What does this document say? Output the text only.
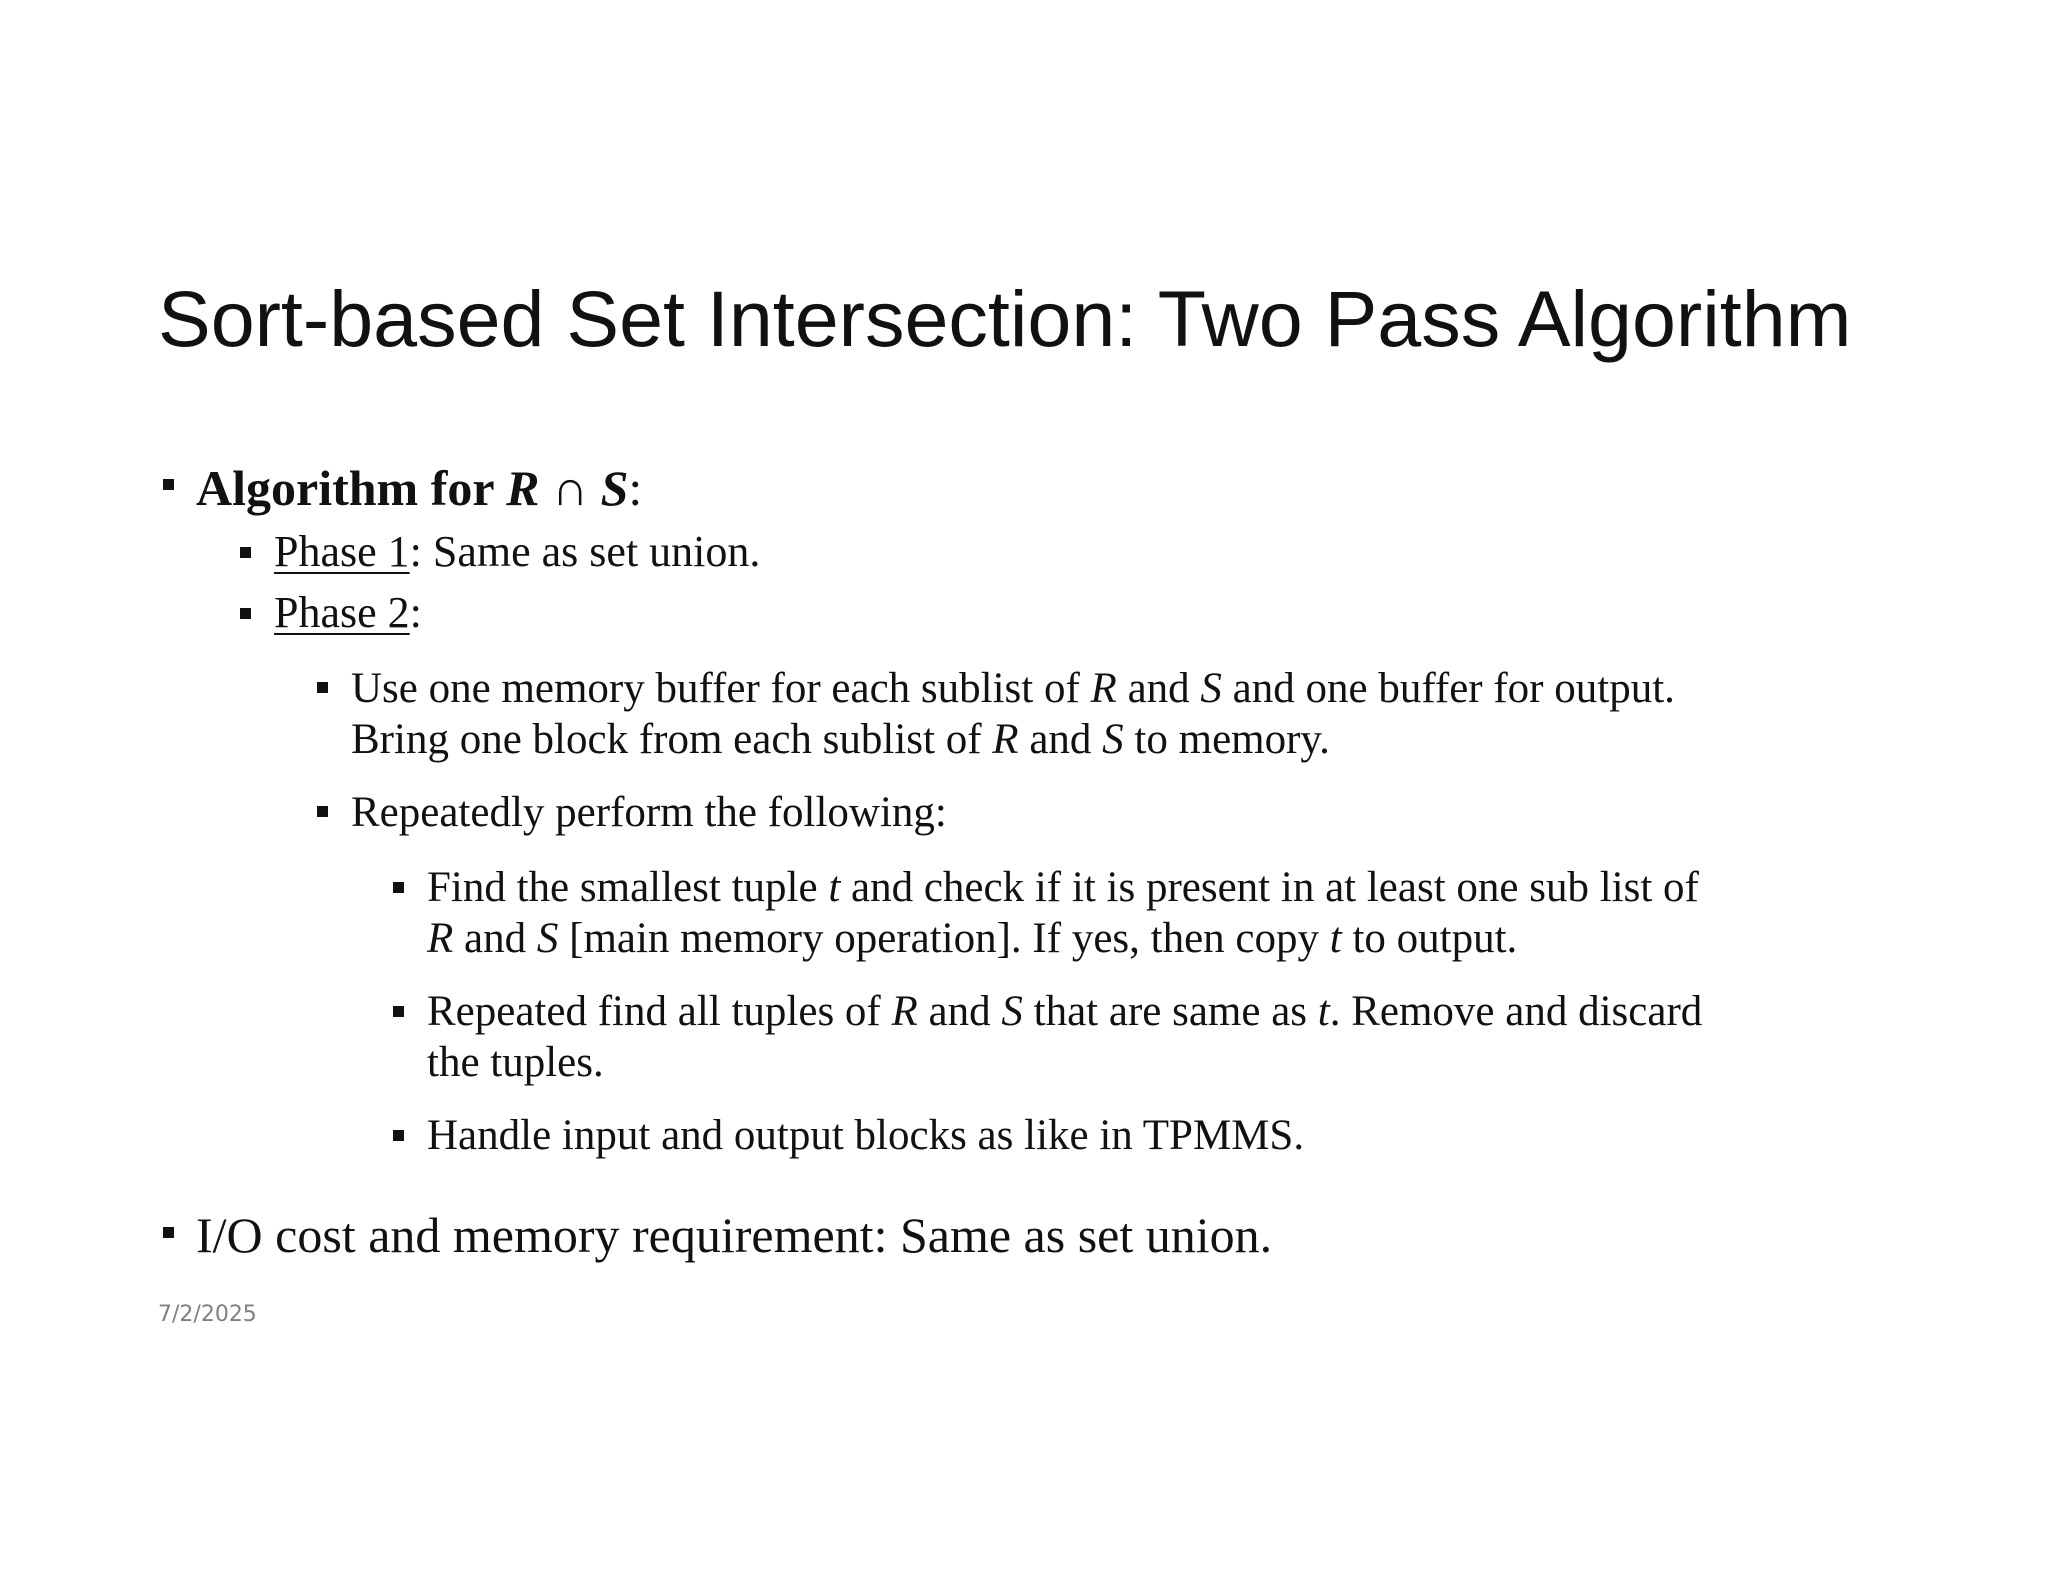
Sort-based Set Intersection: Two Pass Algorithm
Algorithm for R ∩ S:
Phase 1: Same as set union.
Phase 2:
Use one memory buffer for each sublist of R and S and one buffer for output.
Bring one block from each sublist of R and S to memory.
Repeatedly perform the following:
Find the smallest tuple t and check if it is present in at least one sub list of
R and S [main memory operation]. If yes, then copy t to output.
Repeated find all tuples of R and S that are same as t. Remove and discard
the tuples.
Handle input and output blocks as like in TPMMS.
I/O cost and memory requirement: Same as set union.
7/2/2025
